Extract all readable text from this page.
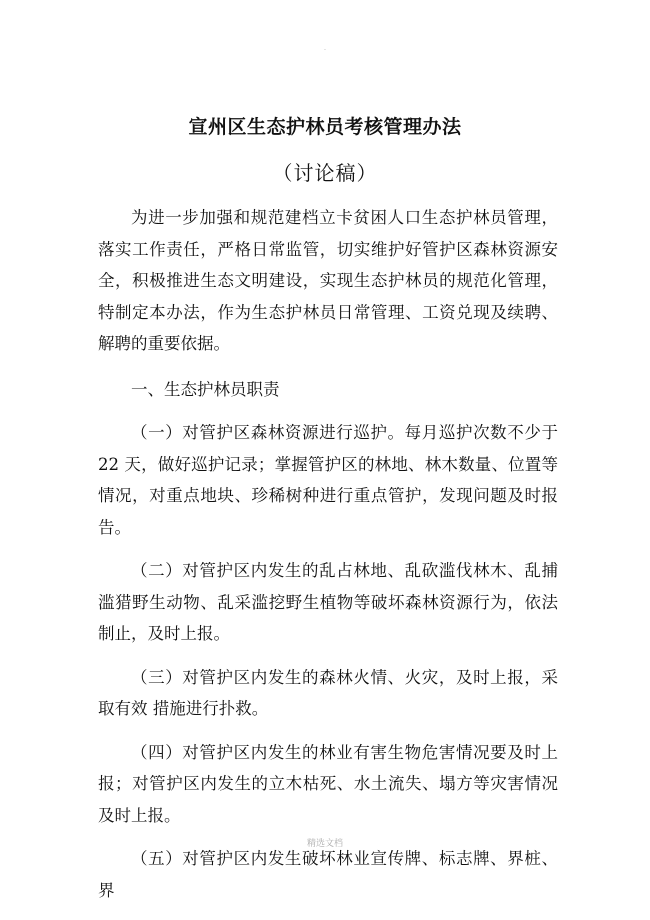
.
宣州区生态护林员考核管理办法
（讨论稿）

为进一步加强和规范建档立卡贫困人口生态护林员管理，落实工作责任，严格日常监管，切实维护好管护区森林资源安全，积极推进生态文明建设，实现生态护林员的规范化管理，特制定本办法，作为生态护林员日常管理、工资兑现及续聘、解聘的重要依据。

一、生态护林员职责

（一）对管护区森林资源进行巡护。每月巡护次数不少于 22 天，做好巡护记录；掌握管护区的林地、林木数量、位置等情况，对重点地块、珍稀树种进行重点管护，发现问题及时报告。

（二）对管护区内发生的乱占林地、乱砍滥伐林木、乱捕滥猎野生动物、乱采滥挖野生植物等破坏森林资源行为，依法制止，及时上报。

（三）对管护区内发生的森林火情、火灾，及时上报，采取有效 措施进行扑救。

（四）对管护区内发生的林业有害生物危害情况要及时上报；对管护区内发生的立木枯死、水土流失、塌方等灾害情况及时上报。

（五）对管护区内发生破坏林业宣传牌、标志牌、界桩、界

精选文档
